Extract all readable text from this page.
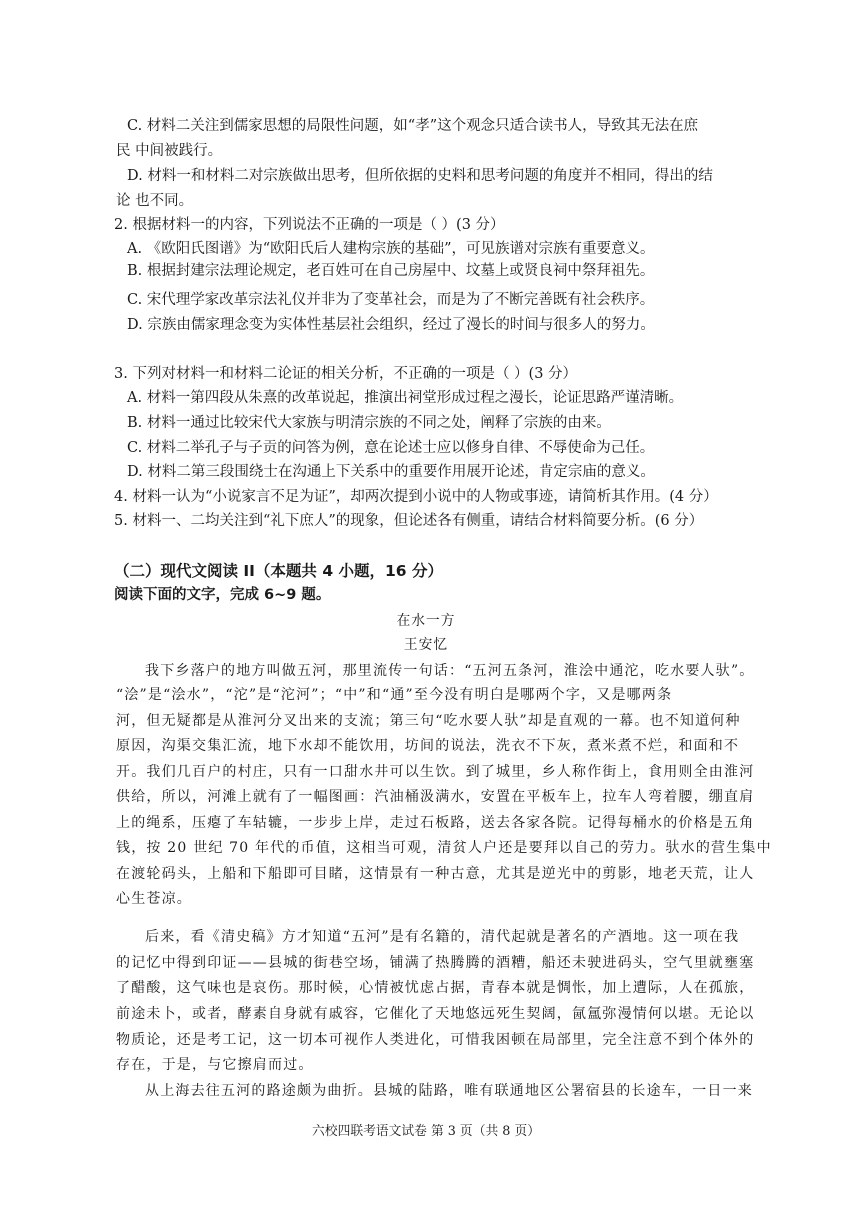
C. 材料二关注到儒家思想的局限性问题，如“孝”这个观念只适合读书人，导致其无法在庶
民 中间被践行。
D. 材料一和材料二对宗族做出思考，但所依据的史料和思考问题的角度并不相同，得出的结
论 也不同。
2. 根据材料一的内容，下列说法不正确的一项是（ ）(3 分）
A. 《欧阳氏图谱》为“欧阳氏后人建构宗族的基础”，可见族谱对宗族有重要意义。
B. 根据封建宗法理论规定，老百姓可在自己房屋中、坟墓上或贤良祠中祭拜祖先。
C. 宋代理学家改革宗法礼仪并非为了变革社会，而是为了不断完善既有社会秩序。
D. 宗族由儒家理念变为实体性基层社会组织，经过了漫长的时间与很多人的努力。
3. 下列对材料一和材料二论证的相关分析，不正确的一项是（ ）(3 分）
A. 材料一第四段从朱熹的改革说起，推演出祠堂形成过程之漫长，论证思路严谨清晰。
B. 材料一通过比较宋代大家族与明清宗族的不同之处，阐释了宗族的由来。
C. 材料二举孔子与子贡的问答为例，意在论述士应以修身自律、不辱使命为己任。
D. 材料二第三段围绕士在沟通上下关系中的重要作用展开论述，肯定宗庙的意义。
4. 材料一认为“小说家言不足为证”，却两次提到小说中的人物或事迹，请简析其作用。(4 分）
5. 材料一、二均关注到“礼下庶人”的现象，但论述各有侧重，请结合材料简要分析。(6 分）
（二）现代文阅读 II（本题共 4 小题，16 分）
阅读下面的文字，完成 6~9 题。
在水一方
王安忆
我下乡落户的地方叫做五河，那里流传一句话：“五河五条河，淮浍中通沱，吃水要人驮”。
“浍”是“浍水”，“沱”是“沱河”；“中”和“通”至今没有明白是哪两个字，又是哪两条
河，但无疑都是从淮河分叉出来的支流；第三句“吃水要人驮”却是直观的一幕。也不知道何种
原因，沟渠交集汇流，地下水却不能饮用，坊间的说法，洗衣不下灰，煮米煮不烂，和面和不
开。我们几百户的村庄，只有一口甜水井可以生饮。到了城里，乡人称作街上，食用则全由淮河
供给，所以，河滩上就有了一幅图画：汽油桶汲满水，安置在平板车上，拉车人弯着腰，绷直肩
上的绳系，压瘪了车轱辘，一步步上岸，走过石板路，送去各家各院。记得每桶水的价格是五角
钱，按 20 世纪 70 年代的币值，这相当可观，清贫人户还是要拜以自己的劳力。驮水的营生集中
在渡轮码头，上船和下船即可目睹，这情景有一种古意，尤其是逆光中的剪影，地老天荒，让人
心生苍凉。
后来，看《清史稿》方才知道“五河”是有名籍的，清代起就是著名的产酒地。这一项在我
的记忆中得到印证——县城的街巷空场，铺满了热腾腾的酒糟，船还未驶进码头，空气里就壅塞
了醋酸，这气味也是哀伤。那时候，心情被忧虑占据，青春本就是惆怅，加上遭际，人在孤旅，
前途未卜，或者，酵素自身就有戚容，它催化了天地悠远死生契阔，氤氲弥漫情何以堪。无论以
物质论，还是考工记，这一切本可视作人类进化，可惜我困顿在局部里，完全注意不到个体外的
存在，于是，与它擦肩而过。
从上海去往五河的路途颇为曲折。县城的陆路，唯有联通地区公署宿县的长途车，一日一来
六校四联考语文试卷 第 3 页（共 8 页）
